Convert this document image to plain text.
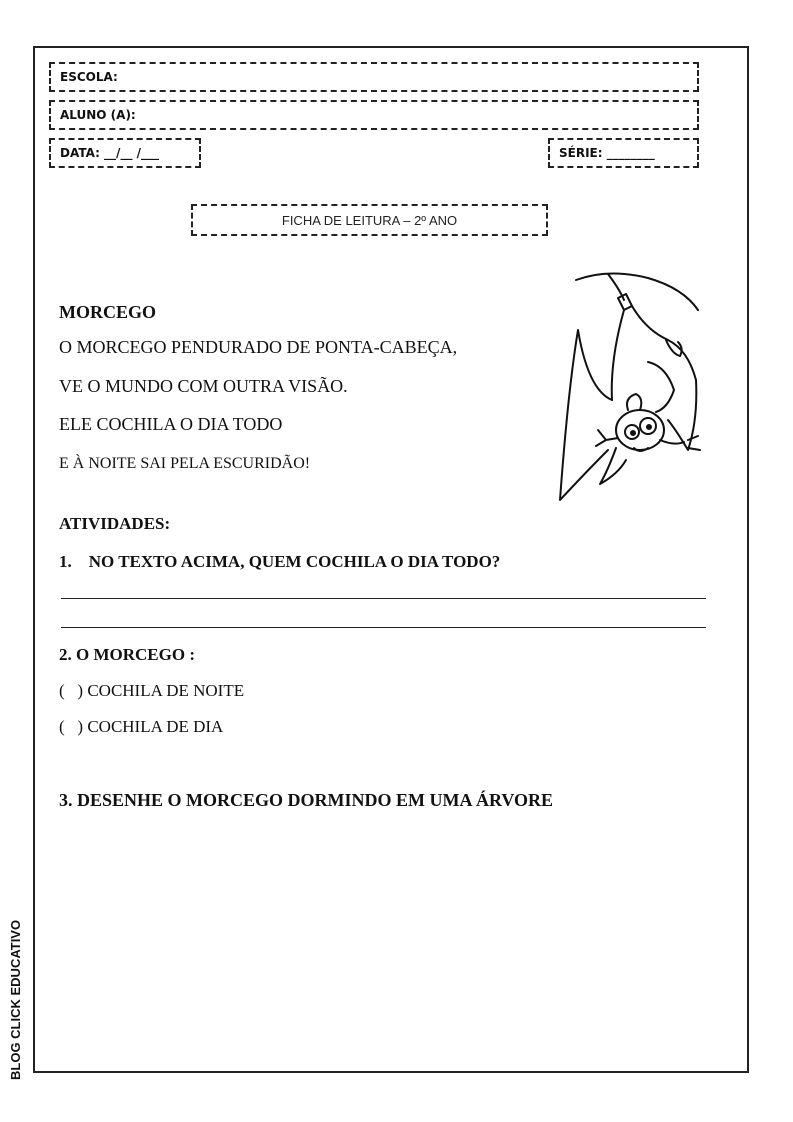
ESCOLA:
ALUNO (A):
DATA: __/__ /___	SÉRIE: ________
FICHA DE LEITURA – 2º ANO
MORCEGO
O MORCEGO PENDURADO DE PONTA-CABEÇA,
VE O MUNDO COM OUTRA VISÃO.
ELE COCHILA O DIA TODO
E À NOITE SAI PELA ESCURIDÃO!
ATIVIDADES:
1.    NO TEXTO ACIMA, QUEM COCHILA O DIA TODO?
2. O MORCEGO :
(   ) COCHILA DE NOITE
(   ) COCHILA DE DIA
3. DESENHE O MORCEGO DORMINDO EM UMA ÁRVORE
BLOG CLICK EDUCATIVO
